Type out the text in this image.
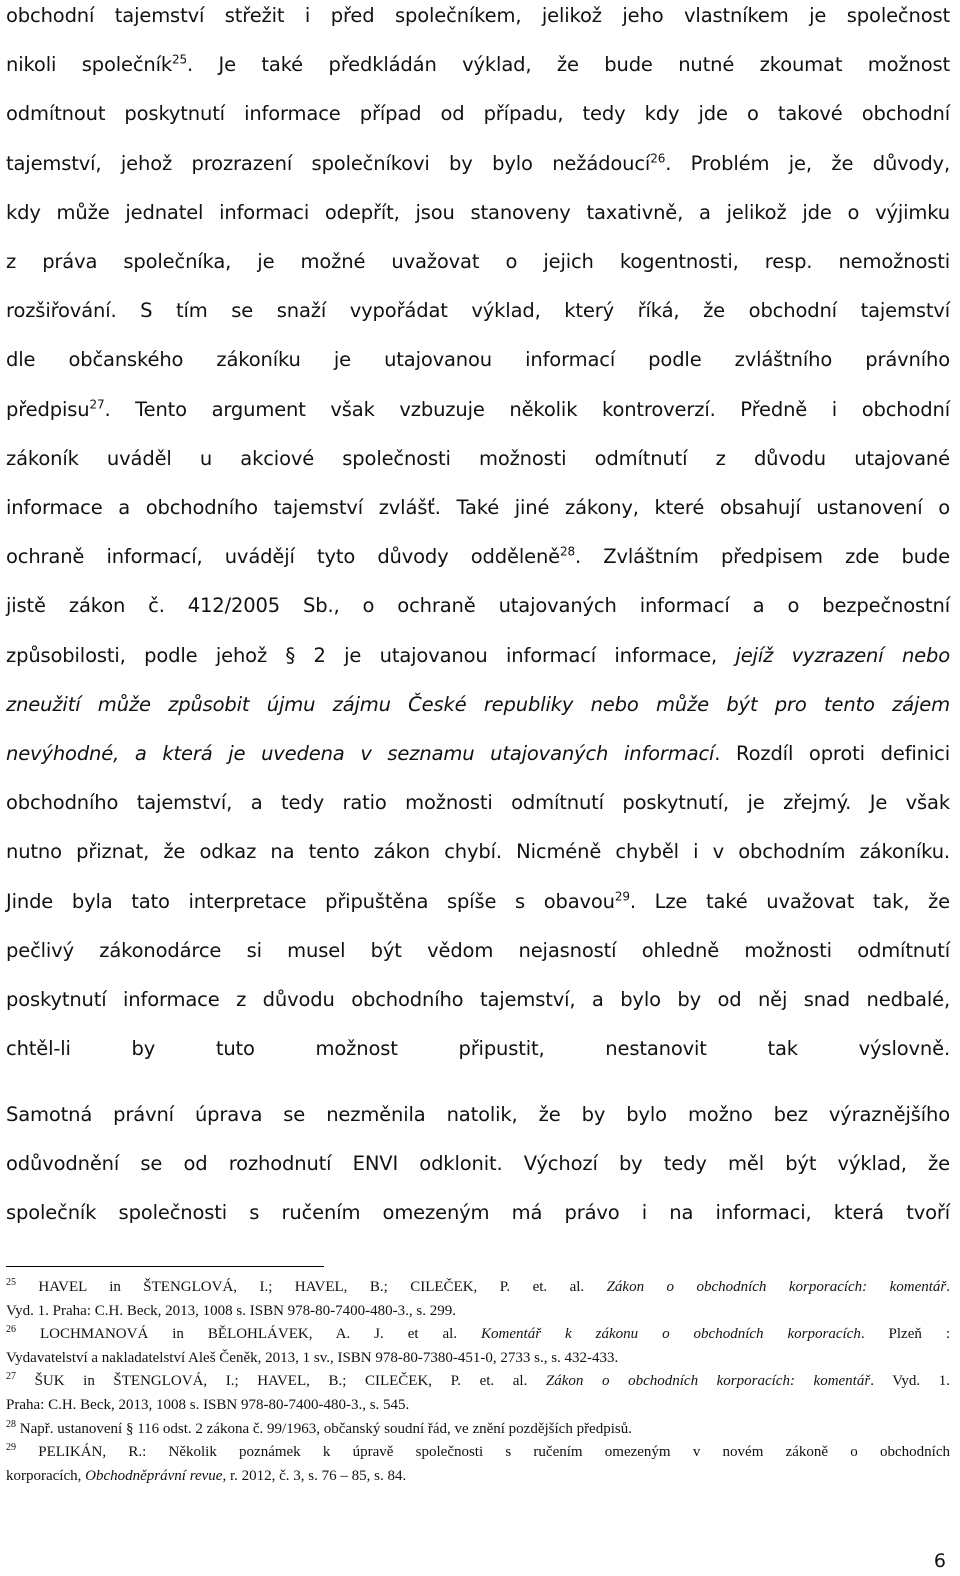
obchodní tajemství střežit i před společníkem, jelikož jeho vlastníkem je společnost
nikoli společník$^{25}$. Je také předkládán výklad, že bude nutné zkoumat možnost
odmítnout poskytnutí informace případ od případu, tedy kdy jde o takové obchodní
tajemství, jehož prozrazení společníkovi by bylo nežádoucí$^{26}$. Problém je, že důvody,
kdy může jednatel informaci odepřít, jsou stanoveny taxativně, a jelikož jde o výjimku
z práva společníka, je možné uvažovat o jejich kogentnosti, resp. nemožnosti
rozšiřování. S tím se snaží vypořádat výklad, který říká, že obchodní tajemství
dle občanského zákoníku je utajovanou informací podle zvláštního právního
předpisu$^{27}$. Tento argument však vzbuzuje několik kontroverzí. Předně i obchodní
zákoník uváděl u akciové společnosti možnosti odmítnutí z důvodu utajované
informace a obchodního tajemství zvlášť. Také jiné zákony, které obsahují ustanovení o
ochraně informací, uvádějí tyto důvody odděleně$^{28}$. Zvláštním předpisem zde bude
jistě zákon č. 412/2005 Sb., o ochraně utajovaných informací a o bezpečnostní
způsobilosti, podle jehož § 2 je utajovanou informací informace, jejíž vyzrazení nebo
zneužití může způsobit újmu zájmu České republiky nebo může být pro tento zájem
nevýhodné, a která je uvedena v seznamu utajovaných informací. Rozdíl oproti definici
obchodního tajemství, a tedy ratio možnosti odmítnutí poskytnutí, je zřejmý. Je však
nutno přiznat, že odkaz na tento zákon chybí. Nicméně chyběl i v obchodním zákoníku.
Jinde byla tato interpretace připuštěna spíše s obavou$^{29}$. Lze také uvažovat tak, že
pečlivý zákonodárce si musel být vědom nejasností ohledně možnosti odmítnutí
poskytnutí informace z důvodu obchodního tajemství, a bylo by od něj snad nedbalé,
chtěl-li by tuto možnost připustit, nestanovit tak výslovně.
Samotná právní úprava se nezměnila natolik, že by bylo možno bez výraznějšího
odůvodnění se od rozhodnutí ENVI odklonit. Výchozí by tedy měl být výklad, že
společník společnosti s ručením omezeným má právo i na informaci, která tvoří
$^{25}$ HAVEL in ŠTENGLOVÁ, I.; HAVEL, B.; CILEČEK, P. et. al. Zákon o obchodních korporacích: komentář.
Vyd. 1. Praha: C.H. Beck, 2013, 1008 s. ISBN 978-80-7400-480-3., s. 299.
$^{26}$ LOCHMANOVÁ in BĚLOHLÁVEK, A. J. et al. Komentář k zákonu o obchodních korporacích. Plzeň :
Vydavatelství a nakladatelství Aleš Čeněk, 2013, 1 sv., ISBN 978-80-7380-451-0, 2733 s., s. 432-433.
$^{27}$ ŠUK in ŠTENGLOVÁ, I.; HAVEL, B.; CILEČEK, P. et. al. Zákon o obchodních korporacích: komentář. Vyd. 1.
Praha: C.H. Beck, 2013, 1008 s. ISBN 978-80-7400-480-3., s. 545.
$^{28}$ Např. ustanovení § 116 odst. 2 zákona č. 99/1963, občanský soudní řád, ve znění pozdějších předpisů.
$^{29}$ PELIKÁN, R.: Několik poznámek k úpravě společnosti s ručením omezeným v novém zákoně o obchodních
korporacích, Obchodněprávní revue, r. 2012, č. 3, s. 76 – 85, s. 84.
6
